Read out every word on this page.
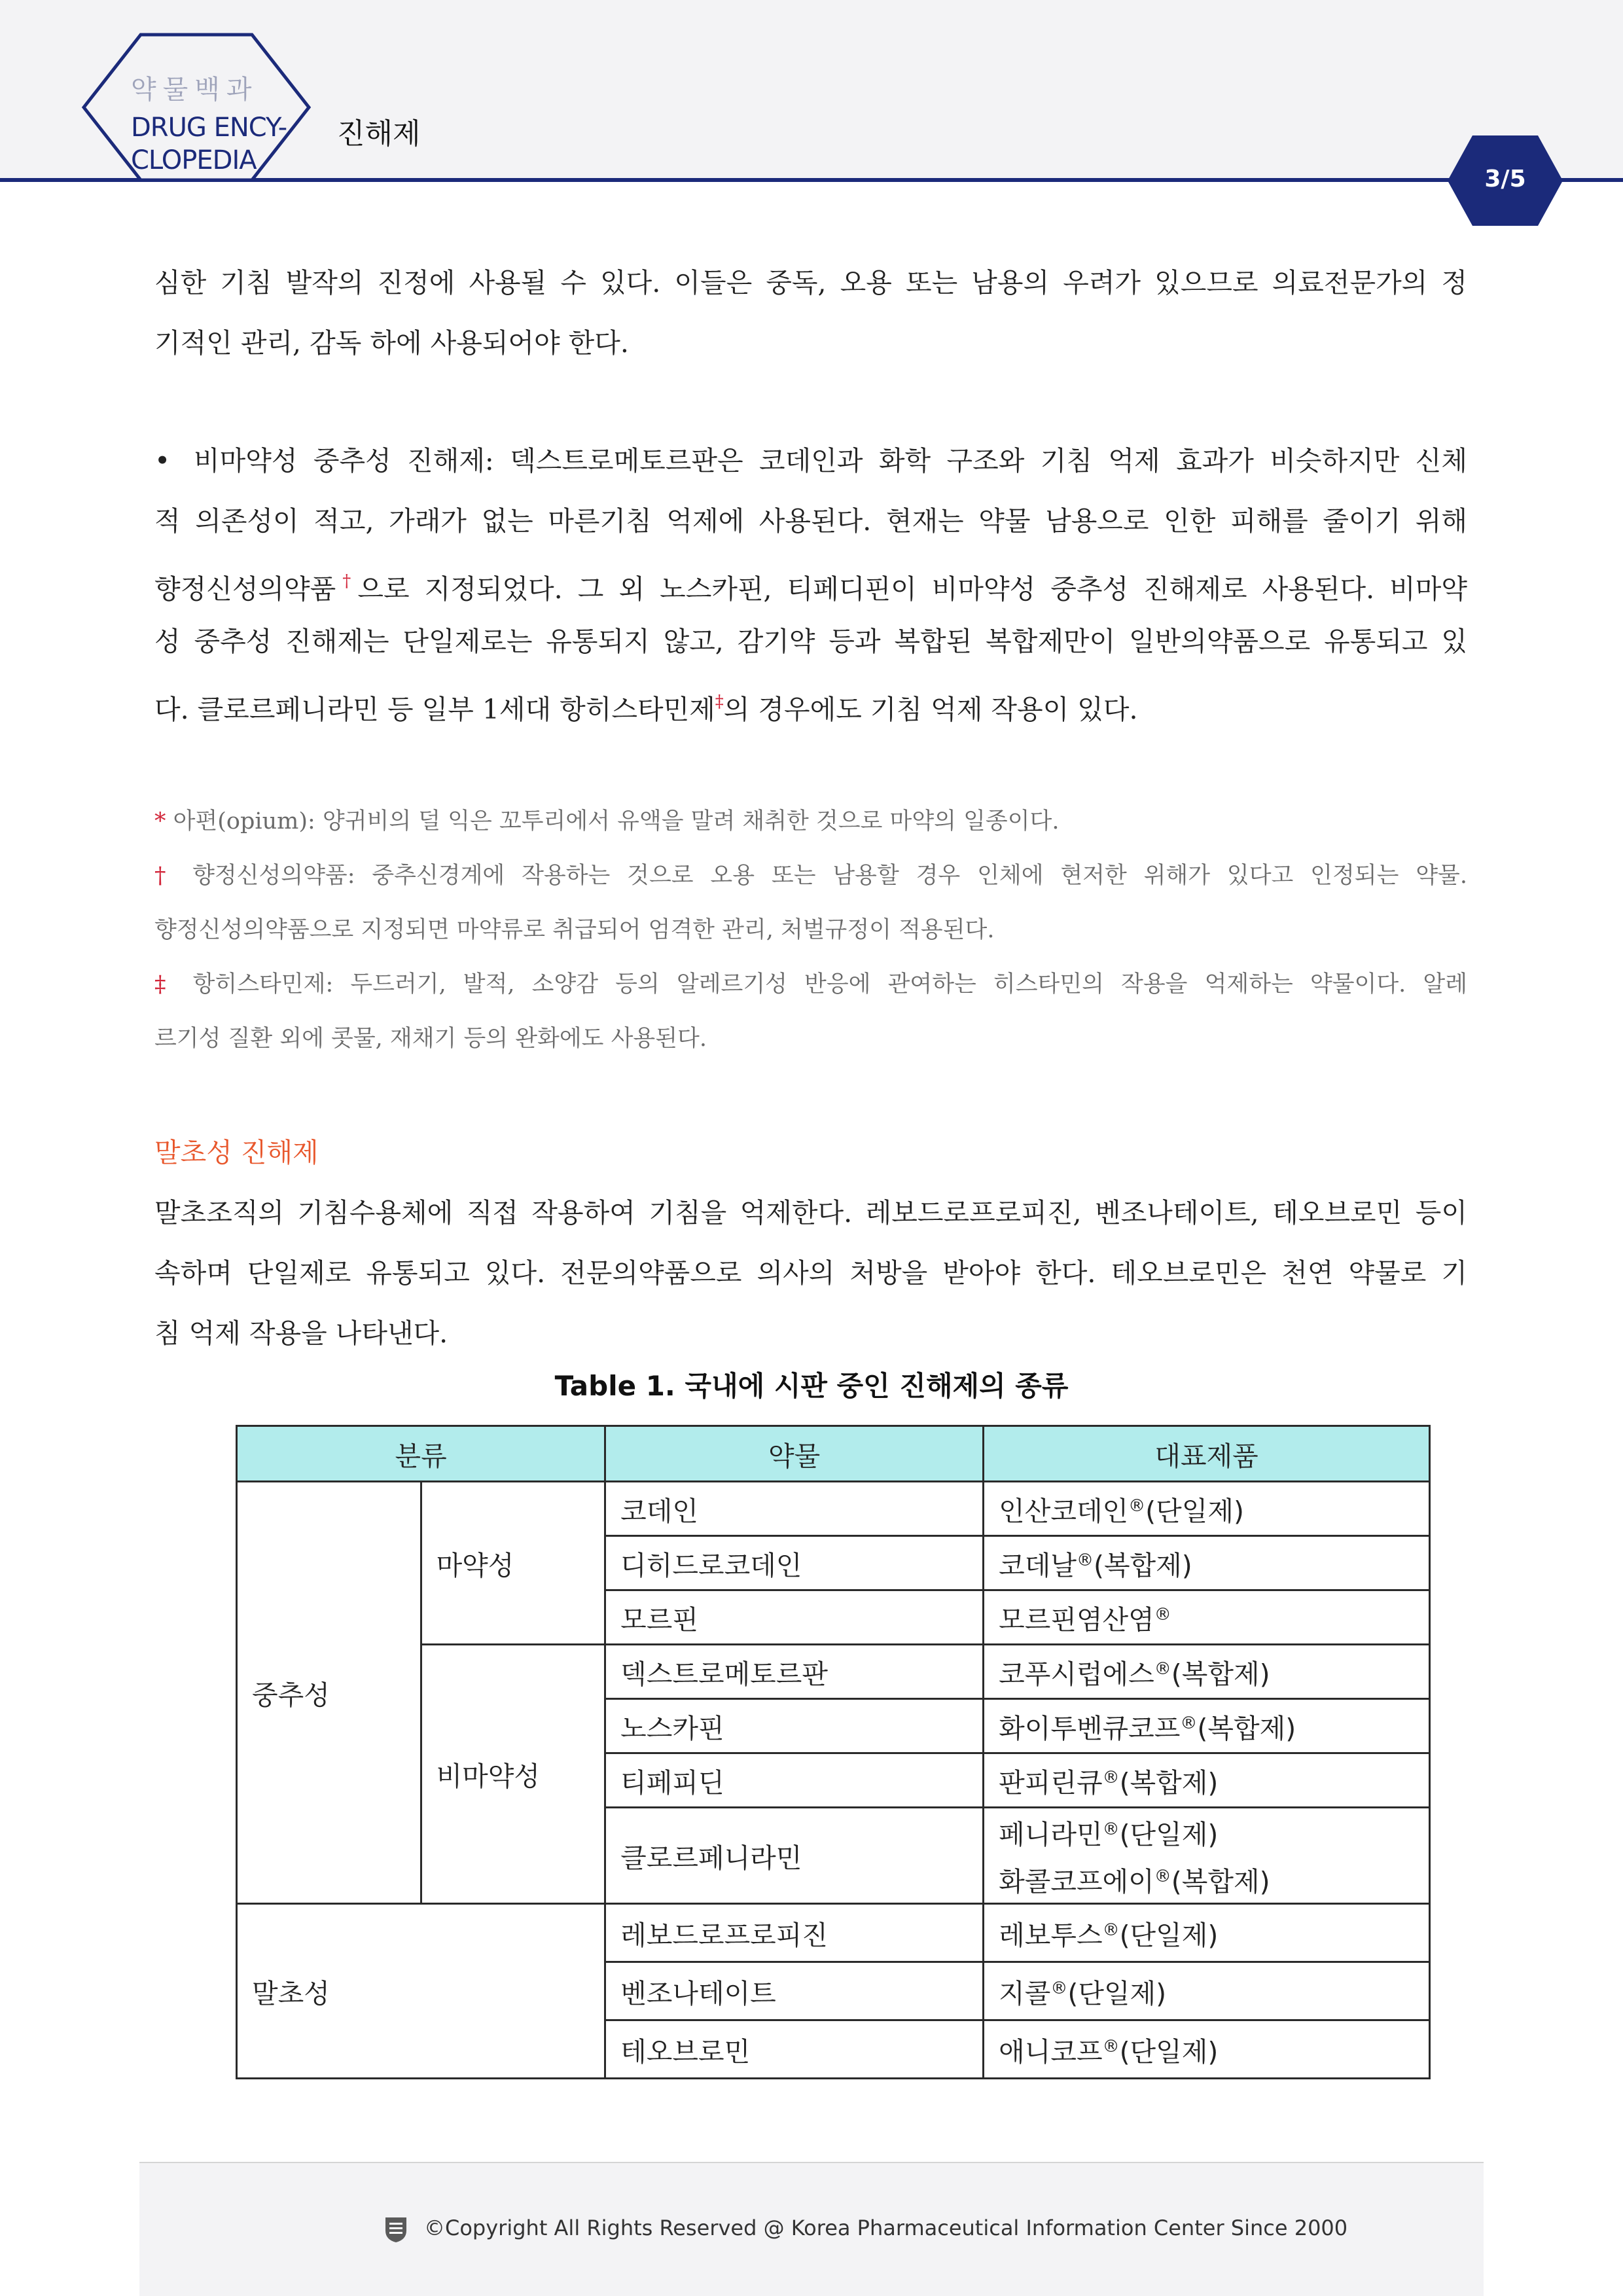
약물백과
DRUG ENCY-
CLOPEDIA
진해제
3/5
심한 기침 발작의 진정에 사용될 수 있다. 이들은 중독, 오용 또는 남용의 우려가 있으므로 의료전문가의 정
기적인 관리, 감독 하에 사용되어야 한다.
• 비마약성 중추성 진해제: 덱스트로메토르판은 코데인과 화학 구조와 기침 억제 효과가 비슷하지만 신체
적 의존성이 적고, 가래가 없는 마른기침 억제에 사용된다. 현재는 약물 남용으로 인한 피해를 줄이기 위해
향정신성의약품†으로 지정되었다. 그 외 노스카핀, 티페디핀이 비마약성 중추성 진해제로 사용된다. 비마약
성 중추성 진해제는 단일제로는 유통되지 않고, 감기약 등과 복합된 복합제만이 일반의약품으로 유통되고 있
다. 클로르페니라민 등 일부 1세대 항히스타민제‡의 경우에도 기침 억제 작용이 있다.
* 아편(opium): 양귀비의 덜 익은 꼬투리에서 유액을 말려 채취한 것으로 마약의 일종이다.
† 향정신성의약품: 중추신경계에 작용하는 것으로 오용 또는 남용할 경우 인체에 현저한 위해가 있다고 인정되는 약물.
향정신성의약품으로 지정되면 마약류로 취급되어 엄격한 관리, 처벌규정이 적용된다.
‡ 항히스타민제: 두드러기, 발적, 소양감 등의 알레르기성 반응에 관여하는 히스타민의 작용을 억제하는 약물이다. 알레
르기성 질환 외에 콧물, 재채기 등의 완화에도 사용된다.
말초성 진해제
말초조직의 기침수용체에 직접 작용하여 기침을 억제한다. 레보드로프로피진, 벤조나테이트, 테오브로민 등이
속하며 단일제로 유통되고 있다. 전문의약품으로 의사의 처방을 받아야 한다. 테오브로민은 천연 약물로 기
침 억제 작용을 나타낸다.
Table 1. 국내에 시판 중인 진해제의 종류
분류		약물	대표제품
중추성	마약성	코데인	인산코데인®(단일제)
		디히드로코데인	코데날®(복합제)
		모르핀	모르핀염산염®
	비마약성	덱스트로메토르판	코푸시럽에스®(복합제)
		노스카핀	화이투벤큐코프®(복합제)
		티페피딘	판피린큐®(복합제)
		클로르페니라민	페니라민®(단일제)
화콜코프에이®(복합제)

말초성		레보드로프로피진	레보투스®(단일제)
		벤조나테이트	지콜®(단일제)
		테오브로민	애니코프®(단일제)
©Copyright All Rights Reserved @ Korea Pharmaceutical Information Center Since 2000
